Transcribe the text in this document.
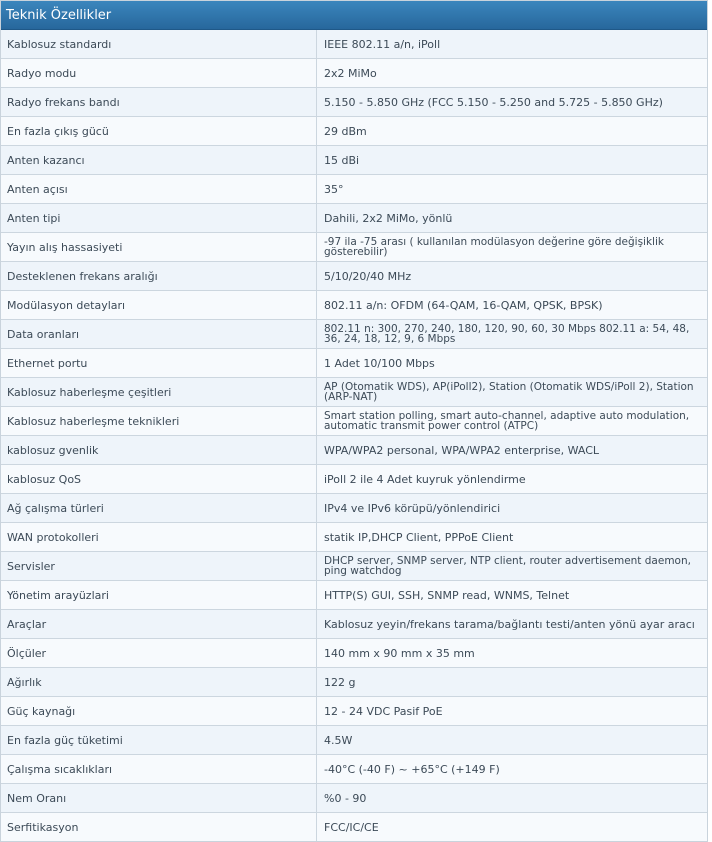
Teknik Özellikler
Kablosuz standardı	IEEE 802.11 a/n, iPoll
Radyo modu	2x2 MiMo
Radyo frekans bandı	5.150 - 5.850 GHz (FCC 5.150 - 5.250 and 5.725 - 5.850 GHz)
En fazla çıkış gücü	29 dBm
Anten kazancı	15 dBi
Anten açısı	35°
Anten tipi	Dahili, 2x2 MiMo, yönlü
Yayın alış hassasiyeti	-97 ila -75 arası ( kullanılan modülasyon değerine göre değişiklik gösterebilir)
Desteklenen frekans aralığı	5/10/20/40 MHz
Modülasyon detayları	802.11 a/n: OFDM (64-QAM, 16-QAM, QPSK, BPSK)
Data oranları	802.11 n: 300, 270, 240, 180, 120, 90, 60, 30 Mbps 802.11 a: 54, 48, 36, 24, 18, 12, 9, 6 Mbps
Ethernet portu	1 Adet 10/100 Mbps
Kablosuz haberleşme çeşitleri	AP (Otomatik WDS), AP(iPoll2), Station (Otomatik WDS/iPoll 2), Station (ARP-NAT)
Kablosuz haberleşme teknikleri	Smart station polling, smart auto-channel, adaptive auto modulation, automatic transmit power control (ATPC)
kablosuz gvenlik	WPA/WPA2 personal, WPA/WPA2 enterprise, WACL
kablosuz QoS	iPoll 2 ile 4 Adet kuyruk yönlendirme
Ağ çalışma türleri	IPv4 ve IPv6 körüpü/yönlendirici
WAN protokolleri	statik IP,DHCP Client, PPPoE Client
Servisler	DHCP server, SNMP server, NTP client, router advertisement daemon, ping watchdog
Yönetim arayüzlari	HTTP(S) GUI, SSH, SNMP read, WNMS, Telnet
Araçlar	Kablosuz yeyin/frekans tarama/bağlantı testi/anten yönü ayar aracı
Ölçüler	140 mm x 90 mm x 35 mm
Ağırlık	122 g
Güç kaynağı	12 - 24 VDC Pasif PoE
En fazla güç tüketimi	4.5W
Çalışma sıcaklıkları	-40°C (-40 F) ~ +65°C (+149 F)
Nem Oranı	%0 - 90
Serfitikasyon	FCC/IC/CE
